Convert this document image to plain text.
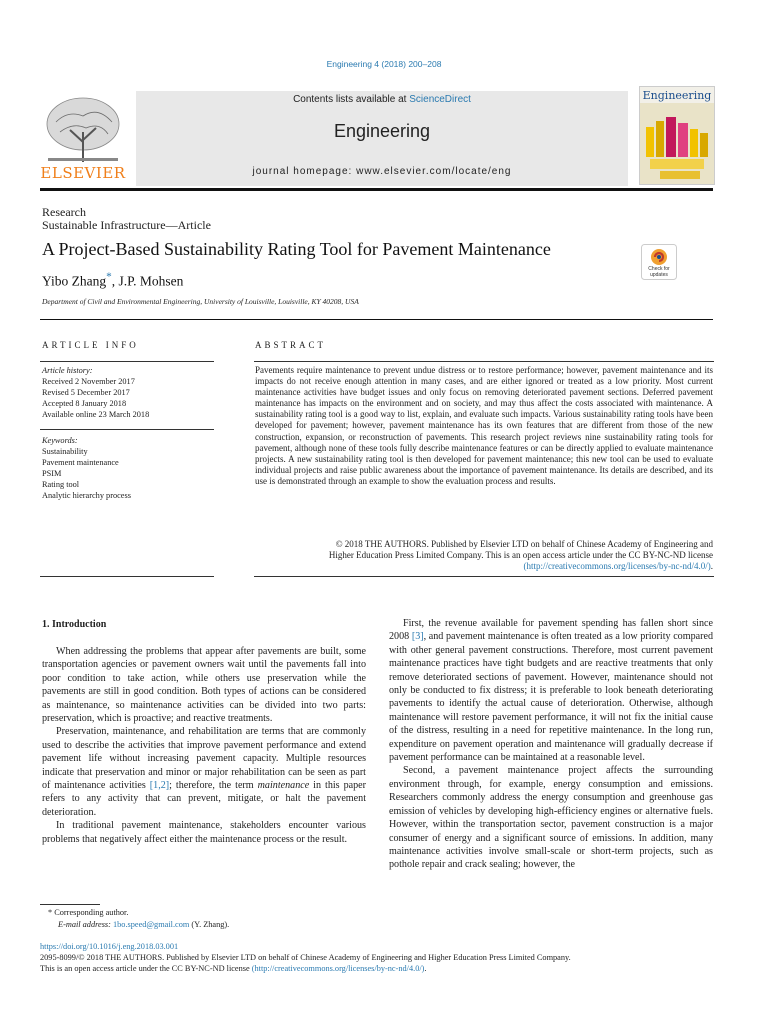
Engineering 4 (2018) 200–208
ELSEVIER
Contents lists available at ScienceDirect
Engineering
journal homepage: www.elsevier.com/locate/eng
Engineering
Research
Sustainable Infrastructure—Article
A Project-Based Sustainability Rating Tool for Pavement Maintenance
Yibo Zhang*, J.P. Mohsen
Department of Civil and Environmental Engineering, University of Louisville, Louisville, KY 40208, USA
Check for updates
ARTICLE INFO	ABSTRACT
Article history:
Received 2 November 2017
Revised 5 December 2017
Accepted 8 January 2018
Available online 23 March 2018
Keywords:
Sustainability
Pavement maintenance
PSIM
Rating tool
Analytic hierarchy process
Pavements require maintenance to prevent undue distress or to restore performance; however, pavement maintenance and its impacts do not receive enough attention in many cases, and are either ignored or treated as a low priority. Most current maintenance activities have budget issues and only focus on removing deteriorated pavement sections. Deferred pavement maintenance has impacts on the environment and on society, and may thus affect the costs associated with maintenance. A sustainability rating tool is a good way to list, explain, and evaluate such impacts. Various sustainability rating tools have been developed for pavement; however, pavement maintenance has its own features that are different from those of the new construction, expansion, or reconstruction of pavements. This research project reviews nine sustainability rating tools for pavement, although none of these tools fully describe maintenance features or can be directly applied to evaluate maintenance projects. A new sustainability rating tool is then developed for pavement maintenance; this new tool can be used to evaluate individual projects and raise public awareness about the importance of pavement maintenance. Its details are described, and its use is demonstrated through an example to show the evaluation process and results.
© 2018 THE AUTHORS. Published by Elsevier LTD on behalf of Chinese Academy of Engineering and
Higher Education Press Limited Company. This is an open access article under the CC BY-NC-ND license
(http://creativecommons.org/licenses/by-nc-nd/4.0/).
1. Introduction

When addressing the problems that appear after pavements are built, some transportation agencies or pavement owners wait until the pavements fall into poor condition to take action, while others use preservation while the pavements are still in good condition. Both types of actions can be considered as maintenance, so maintenance activities can be divided into two parts: preservation, which is proactive; and reactive treatments.

Preservation, maintenance, and rehabilitation are terms that are commonly used to describe the activities that improve pavement performance and extend pavement life without increasing pavement capacity. Multiple resources indicate that preservation and minor or major rehabilitation can be seen as part of maintenance activities [1,2]; therefore, the term maintenance in this paper refers to any activity that can prevent, mitigate, or halt the pavement deterioration.

In traditional pavement maintenance, stakeholders encounter various problems that negatively affect either the maintenance process or the result.

First, the revenue available for pavement spending has fallen short since 2008 [3], and pavement maintenance is often treated as a low priority compared with other general pavement constructions. Therefore, most current pavement maintenance practices have tight budgets and are reactive treatments that only remove deteriorated sections of pavement. However, maintenance should not only be conducted to fix distress; it is preferable to look beneath deteriorating pavements to identify the actual cause of deterioration. Otherwise, although maintenance will restore pavement performance, it will not fix the initial cause of the distress, resulting in a need for repetitive maintenance. In the long run, expenditure on pavement operation and maintenance will gradually decrease if pavement performance can be maintained at a reasonable level.

Second, a pavement maintenance project affects the surrounding environment through, for example, energy consumption and emissions. Researchers commonly address the energy consumption and greenhouse gas emission of vehicles by developing high-efficiency engines or alternative fuels. However, within the transportation sector, pavement construction is a major consumer of energy and a significant source of emissions. In addition, many maintenance activities involve small-scale or short-term projects, such as pothole repair and crack sealing; however, the

* Corresponding author.
E-mail address: 1bo.speed@gmail.com (Y. Zhang).
https://doi.org/10.1016/j.eng.2018.03.001
2095-8099/© 2018 THE AUTHORS. Published by Elsevier LTD on behalf of Chinese Academy of Engineering and Higher Education Press Limited Company.
This is an open access article under the CC BY-NC-ND license (http://creativecommons.org/licenses/by-nc-nd/4.0/).
